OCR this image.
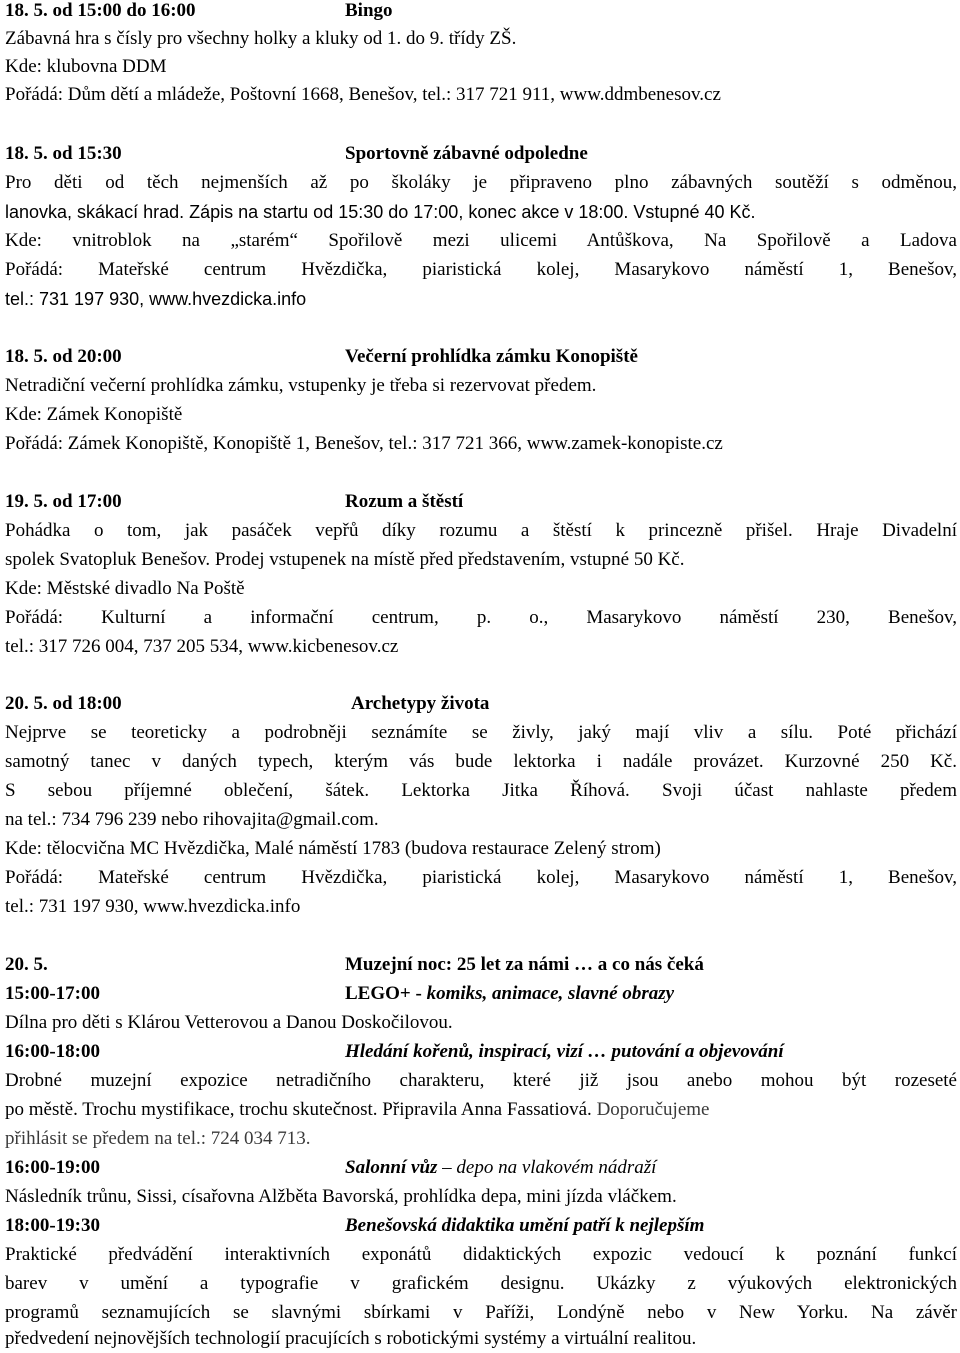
18. 5. od 15:00 do 16:00	Bingo
Zábavná hra s čísly pro všechny holky a kluky od 1. do 9. třídy ZŠ.
Kde: klubovna DDM
Pořádá: Dům dětí a mládeže, Poštovní 1668, Benešov, tel.: 317 721 911, www.ddmbenesov.cz
18. 5. od 15:30	Sportovně zábavné odpoledne
Pro děti od těch nejmenších až po školáky je připraveno plno zábavných soutěží s odměnou,
lanovka, skákací hrad. Zápis na startu od 15:30 do 17:00, konec akce v 18:00. Vstupné 40 Kč.
Kde: vnitroblok na „starém“ Spořilově mezi ulicemi Antůškova, Na Spořilově a Ladova
Pořádá: Mateřské centrum Hvězdička, piaristická kolej, Masarykovo náměstí 1, Benešov,
tel.: 731 197 930, www.hvezdicka.info
18. 5. od 20:00	Večerní prohlídka zámku Konopiště
Netradiční večerní prohlídka zámku, vstupenky je třeba si rezervovat předem.
Kde: Zámek Konopiště
Pořádá: Zámek Konopiště, Konopiště 1, Benešov, tel.: 317 721 366, www.zamek-konopiste.cz
19. 5. od 17:00	Rozum a štěstí
Pohádka o tom, jak pasáček vepřů díky rozumu a štěstí k princezně přišel. Hraje Divadelní
spolek Svatopluk Benešov. Prodej vstupenek na místě před představením, vstupné 50 Kč.
Kde: Městské divadlo Na Poště
Pořádá: Kulturní a informační centrum, p. o., Masarykovo náměstí 230, Benešov,
tel.: 317 726 004, 737 205 534, www.kicbenesov.cz
20. 5. od 18:00	Archetypy života
Nejprve se teoreticky a podrobněji seznámíte se živly, jaký mají vliv a sílu. Poté přichází
samotný tanec v daných typech, kterým vás bude lektorka i nadále provázet. Kurzovné 250 Kč.
S sebou příjemné oblečení, šátek. Lektorka Jitka Říhová. Svoji účast nahlaste předem
na tel.: 734 796 239 nebo rihovajita@gmail.com.
Kde: tělocvična MC Hvězdička, Malé náměstí 1783 (budova restaurace Zelený strom)
Pořádá: Mateřské centrum Hvězdička, piaristická kolej, Masarykovo náměstí 1, Benešov,
tel.: 731 197 930, www.hvezdicka.info
20. 5.	Muzejní noc: 25 let za námi … a co nás čeká
15:00-17:00	LEGO+ - komiks, animace, slavné obrazy
Dílna pro děti s Klárou Vetterovou a Danou Doskočilovou.
16:00-18:00	Hledání kořenů, inspirací, vizí … putování a objevování
Drobné muzejní expozice netradičního charakteru, které již jsou anebo mohou být rozeseté
po městě. Trochu mystifikace, trochu skutečnost. Připravila Anna Fassatiová. Doporučujeme
přihlásit se předem na tel.: 724 034 713.
16:00-19:00	Salonní vůz – depo na vlakovém nádraží
Následník trůnu, Sissi, císařovna Alžběta Bavorská, prohlídka depa, mini jízda vláčkem.
18:00-19:30	Benešovská didaktika umění patří k nejlepším
Praktické předvádění interaktivních exponátů didaktických expozic vedoucí k poznání funkcí
barev v umění a typografie v grafickém designu. Ukázky z výukových elektronických
programů seznamujících se slavnými sbírkami v Paříži, Londýně nebo v New Yorku. Na závěr
předvedení nejnovějších technologií pracujících s robotickými systémy a virtuální realitou.
